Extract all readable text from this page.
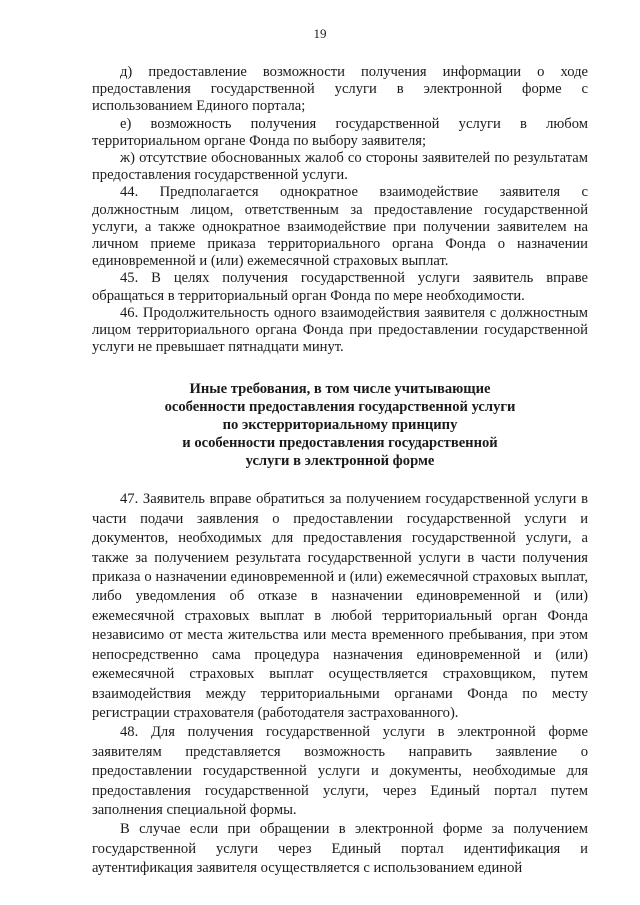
19

д) предоставление возможности получения информации о ходе предоставления государственной услуги в электронной форме с использованием Единого портала;

е) возможность получения государственной услуги в любом территориальном органе Фонда по выбору заявителя;

ж) отсутствие обоснованных жалоб со стороны заявителей по результатам предоставления государственной услуги.

44. Предполагается однократное взаимодействие заявителя с должностным лицом, ответственным за предоставление государственной услуги, а также однократное взаимодействие при получении заявителем на личном приеме приказа территориального органа Фонда о назначении единовременной и (или) ежемесячной страховых выплат.

45. В целях получения государственной услуги заявитель вправе обращаться в территориальный орган Фонда по мере необходимости.

46. Продолжительность одного взаимодействия заявителя с должностным лицом территориального органа Фонда при предоставлении государственной услуги не превышает пятнадцати минут.

Иные требования, в том числе учитывающие
особенности предоставления государственной услуги
по экстерриториальному принципу
и особенности предоставления государственной
услуги в электронной форме

47. Заявитель вправе обратиться за получением государственной услуги в части подачи заявления о предоставлении государственной услуги и документов, необходимых для предоставления государственной услуги, а также за получением результата государственной услуги в части получения приказа о назначении единовременной и (или) ежемесячной страховых выплат, либо уведомления об отказе в назначении единовременной и (или) ежемесячной страховых выплат в любой территориальный орган Фонда независимо от места жительства или места временного пребывания, при этом непосредственно сама процедура назначения единовременной и (или) ежемесячной страховых выплат осуществляется страховщиком, путем взаимодействия между территориальными органами Фонда по месту регистрации страхователя (работодателя застрахованного).

48. Для получения государственной услуги в электронной форме заявителям представляется возможность направить заявление о предоставлении государственной услуги и документы, необходимые для предоставления государственной услуги, через Единый портал путем заполнения специальной формы.

В случае если при обращении в электронной форме за получением государственной услуги через Единый портал идентификация и аутентификация заявителя осуществляется с использованием единой
